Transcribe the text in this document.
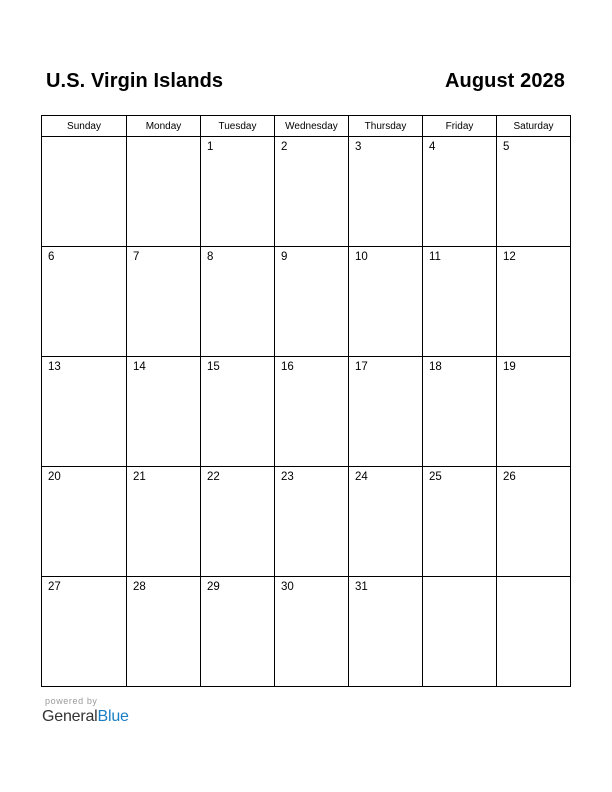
U.S. Virgin Islands	August 2028
Sunday	Monday	Tuesday	Wednesday	Thursday	Friday	Saturday

		1	2	3	4	5

6	7	8	9	10	11	12

13	14	15	16	17	18	19

20	21	22	23	24	25	26

27	28	29	30	31		

powered by
GeneralBlue
